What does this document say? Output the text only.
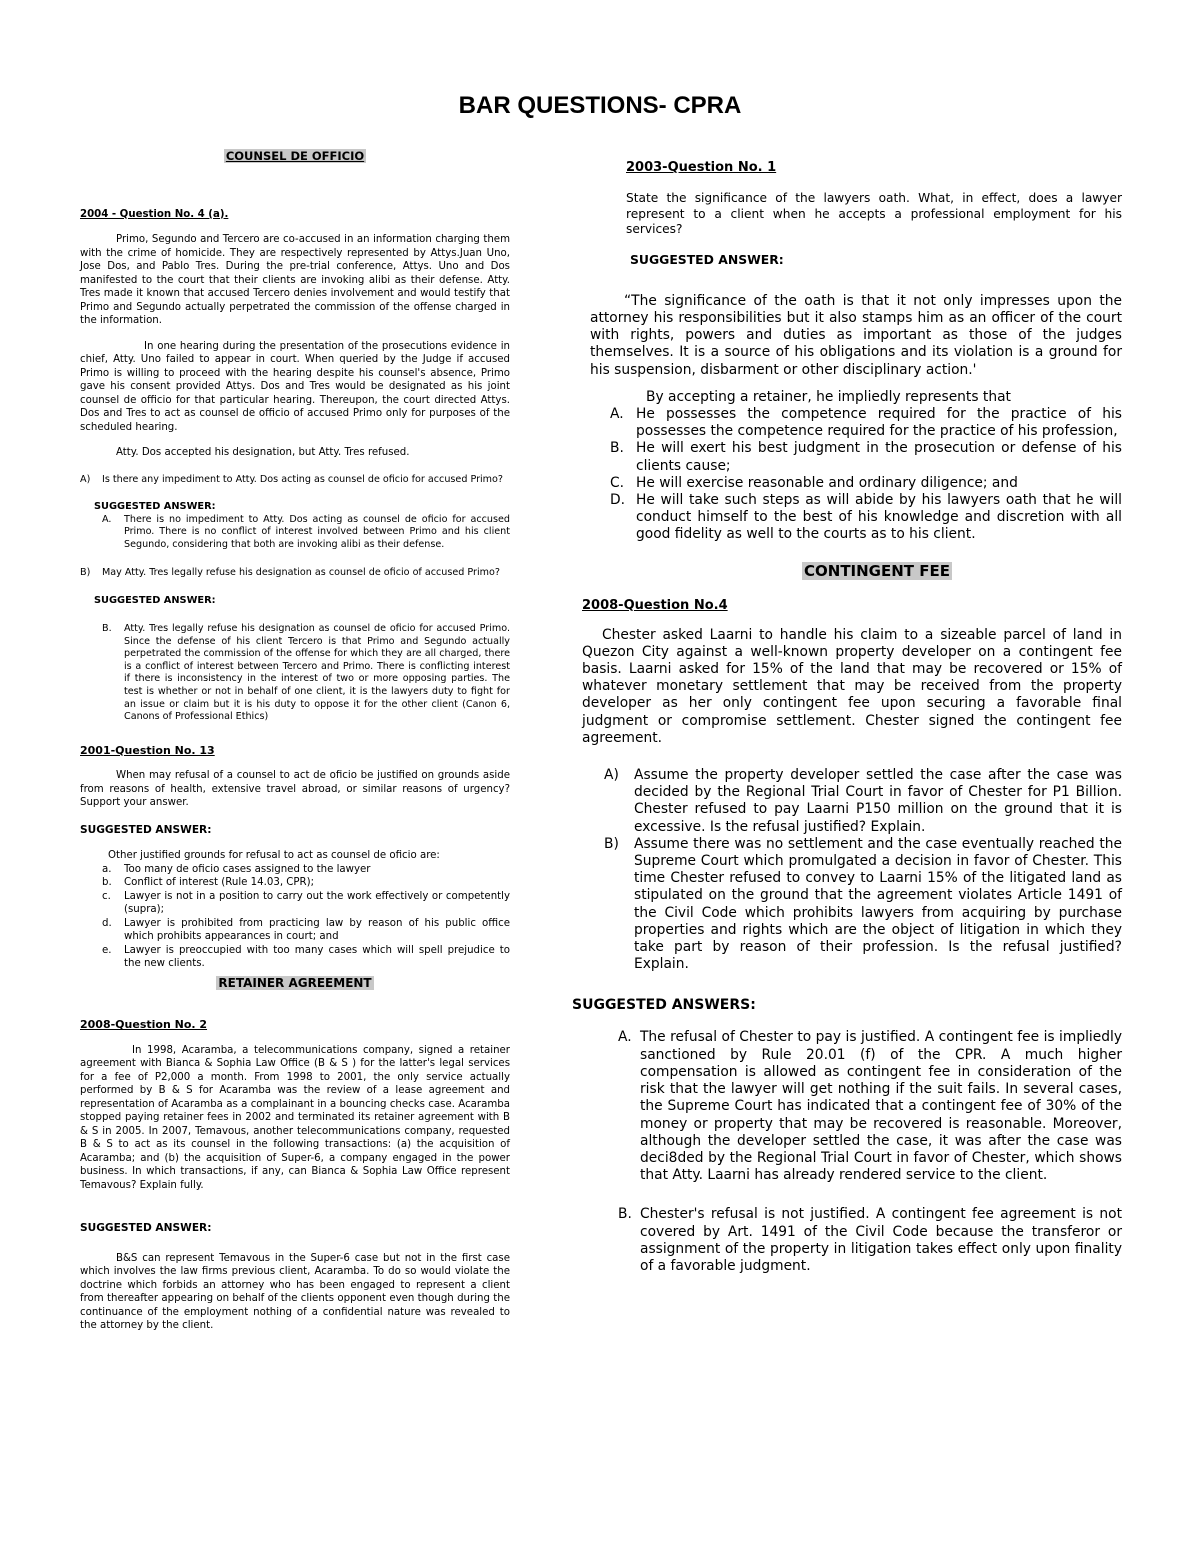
BAR QUESTIONS- CPRA

COUNSEL DE OFFICIO

2004 - Question No. 4 (a).

Primo, Segundo and Tercero are co-accused in an information charging them with the crime of homicide. They are respectively represented by Attys.Juan Uno, Jose Dos, and Pablo Tres. During the pre-trial conference, Attys. Uno and Dos manifested to the court that their clients are invoking alibi as their defense. Atty. Tres made it known that accused Tercero denies involvement and would testify that Primo and Segundo actually perpetrated the commission of the offense charged in the information.

In one hearing during the presentation of the prosecutions evidence in chief, Atty. Uno failed to appear in court. When queried by the Judge if accused Primo is willing to proceed with the hearing despite his counsel's absence, Primo gave his consent provided Attys. Dos and Tres would be designated as his joint counsel de officio for that particular hearing. Thereupon, the court directed Attys. Dos and Tres to act as counsel de officio of accused Primo only for purposes of the scheduled hearing.

Atty. Dos accepted his designation, but Atty. Tres refused.

A)	Is there any impediment to Atty. Dos acting as counsel de oficio for accused Primo?

SUGGESTED ANSWER:

A.	There is no impediment to Atty. Dos acting as counsel de oficio for accused Primo. There is no conflict of interest involved between Primo and his client Segundo, considering that both are invoking alibi as their defense.
B)	May Atty. Tres legally refuse his designation as counsel de oficio of accused Primo?

SUGGESTED ANSWER:

B.	Atty. Tres legally refuse his designation as counsel de oficio for accused Primo. Since the defense of his client Tercero is that Primo and Segundo actually perpetrated the commission of the offense for which they are all charged, there is a conflict of interest between Tercero and Primo. There is conflicting interest if there is inconsistency in the interest of two or more opposing parties. The test is whether or not in behalf of one client, it is the lawyers duty to fight for an issue or claim but it is his duty to oppose it for the other client (Canon 6, Canons of Professional Ethics)

2001-Question No. 13

When may refusal of a counsel to act de oficio be justified on grounds aside from reasons of health, extensive travel abroad, or similar reasons of urgency? Support your answer.

SUGGESTED ANSWER:

Other justified grounds for refusal to act as counsel de oficio are:

a.	Too many de oficio cases assigned to the lawyer
b.	Conflict of interest (Rule 14.03, CPR);
c.	Lawyer is not in a position to carry out the work effectively or competently (supra);
d.	Lawyer is prohibited from practicing law by reason of his public office which prohibits appearances in court; and
e.	Lawyer is preoccupied with too many cases which will spell prejudice to the new clients.

RETAINER AGREEMENT

2008-Question No. 2

In 1998, Acaramba, a telecommunications company, signed a retainer agreement with Bianca & Sophia Law Office (B & S ) for the latter's legal services for a fee of P2,000 a month. From 1998 to 2001, the only service actually performed by B & S for Acaramba was the review of a lease agreement and representation of Acaramba as a complainant in a bouncing checks case. Acaramba stopped paying retainer fees in 2002 and terminated its retainer agreement with B & S in 2005. In 2007, Temavous, another telecommunications company, requested B & S to act as its counsel in the following transactions: (a) the acquisition of Acaramba; and (b) the acquisition of Super-6, a company engaged in the power business. In which transactions, if any, can Bianca & Sophia Law Office represent Temavous? Explain fully.

SUGGESTED ANSWER:

B&S can represent Temavous in the Super-6 case but not in the first case which involves the law firms previous client, Acaramba. To do so would violate the doctrine which forbids an attorney who has been engaged to represent a client from thereafter appearing on behalf of the clients opponent even though during the continuance of the employment nothing of a confidential nature was revealed to the attorney by the client.

2003-Question No. 1

State the significance of the lawyers oath. What, in effect, does a lawyer represent to a client when he accepts a professional employment for his services?

SUGGESTED ANSWER:

“The significance of the oath is that it not only impresses upon the attorney his responsibilities but it also stamps him as an officer of the court with rights, powers and duties as important as those of the judges themselves. It is a source of his obligations and its violation is a ground for his suspension, disbarment or other disciplinary action.'

By accepting a retainer, he impliedly represents that

A. He possesses the competence required for the practice of his possesses the competence required for the practice of his profession,
B. He will exert his best judgment in the prosecution or defense of his clients cause;
C. He will exercise reasonable and ordinary diligence; and
D. He will take such steps as will abide by his lawyers oath that he will conduct himself to the best of his knowledge and discretion with all good fidelity as well to the courts as to his client.

CONTINGENT FEE

2008-Question No.4

Chester asked Laarni to handle his claim to a sizeable parcel of land in Quezon City against a well-known property developer on a contingent fee basis. Laarni asked for 15% of the land that may be recovered or 15% of whatever monetary settlement that may be received from the property developer as her only contingent fee upon securing a favorable final judgment or compromise settlement. Chester signed the contingent fee agreement.

A)	Assume the property developer settled the case after the case was decided by the Regional Trial Court in favor of Chester for P1 Billion. Chester refused to pay Laarni P150 million on the ground that it is excessive. Is the refusal justified? Explain.
B)	Assume there was no settlement and the case eventually reached the Supreme Court which promulgated a decision in favor of Chester. This time Chester refused to convey to Laarni 15% of the litigated land as stipulated on the ground that the agreement violates Article 1491 of the Civil Code which prohibits lawyers from acquiring by purchase properties and rights which are the object of litigation in which they take part by reason of their profession. Is the refusal justified? Explain.

SUGGESTED ANSWERS:

A. The refusal of Chester to pay is justified. A contingent fee is impliedly sanctioned by Rule 20.01 (f) of the CPR. A much higher compensation is allowed as contingent fee in consideration of the risk that the lawyer will get nothing if the suit fails. In several cases, the Supreme Court has indicated that a contingent fee of 30% of the money or property that may be recovered is reasonable. Moreover, although the developer settled the case, it was after the case was deci8ded by the Regional Trial Court in favor of Chester, which shows that Atty. Laarni has already rendered service to the client.
B. Chester's refusal is not justified. A contingent fee agreement is not covered by Art. 1491 of the Civil Code because the transferor or assignment of the property in litigation takes effect only upon finality of a favorable judgment.
